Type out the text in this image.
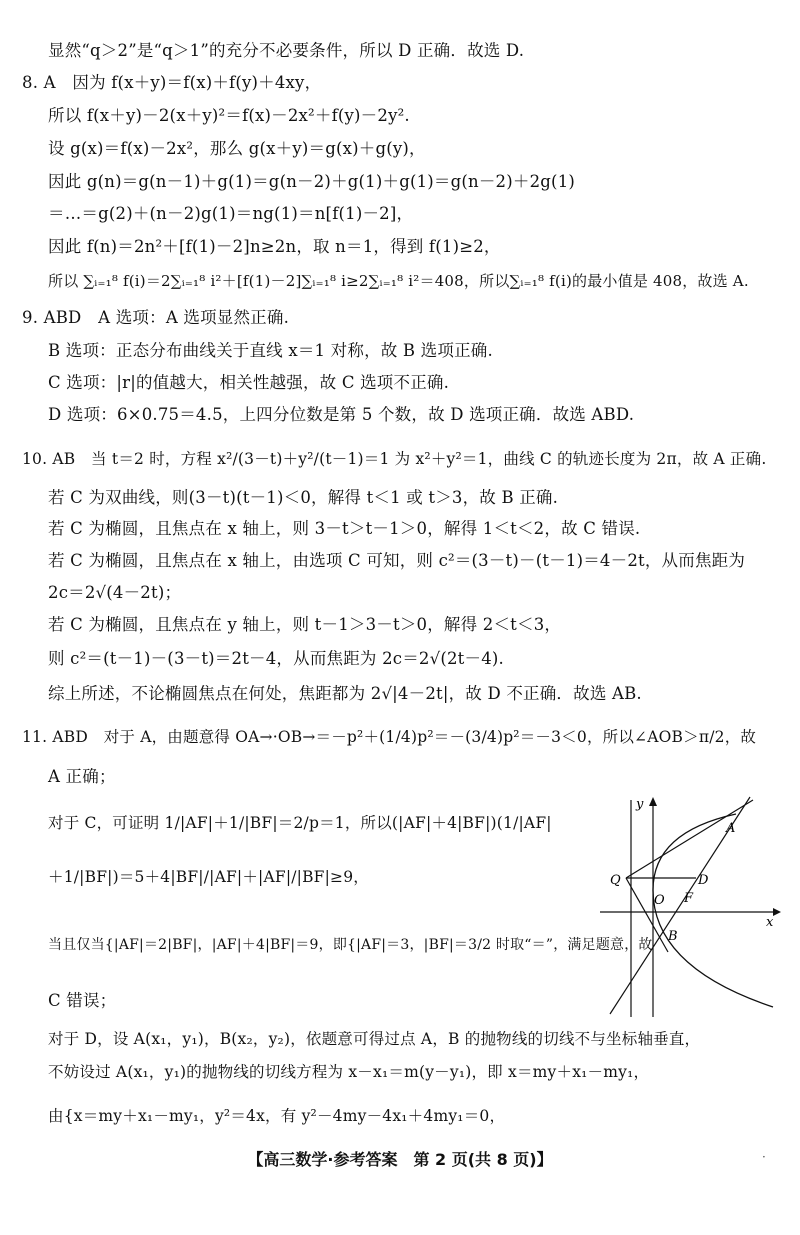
显然“q＞2”是“q＞1”的充分不必要条件，所以 D 正确．故选 D.
8. A　因为 f(x＋y)＝f(x)＋f(y)＋4xy，
所以 f(x＋y)－2(x＋y)²＝f(x)－2x²＋f(y)－2y².
设 g(x)＝f(x)－2x²，那么 g(x＋y)＝g(x)＋g(y)，
因此 g(n)＝g(n－1)＋g(1)＝g(n－2)＋g(1)＋g(1)＝g(n－2)＋2g(1)
＝…＝g(2)＋(n－2)g(1)＝ng(1)＝n[f(1)－2]，
因此 f(n)＝2n²＋[f(1)－2]n≥2n，取 n＝1，得到 f(1)≥2，
所以 ∑ᵢ₌₁⁸ f(i)＝2∑ᵢ₌₁⁸ i²＋[f(1)－2]∑ᵢ₌₁⁸ i≥2∑ᵢ₌₁⁸ i²＝408，所以∑ᵢ₌₁⁸ f(i)的最小值是 408，故选 A.
9. ABD　A 选项：A 选项显然正确.
B 选项：正态分布曲线关于直线 x＝1 对称，故 B 选项正确.
C 选项：|r|的值越大，相关性越强，故 C 选项不正确.
D 选项：6×0.75＝4.5，上四分位数是第 5 个数，故 D 选项正确．故选 ABD.
10. AB　当 t＝2 时，方程 x²/(3－t)＋y²/(t－1)＝1 为 x²＋y²＝1，曲线 C 的轨迹长度为 2π，故 A 正确.
若 C 为双曲线，则(3－t)(t－1)＜0，解得 t＜1 或 t＞3，故 B 正确.
若 C 为椭圆，且焦点在 x 轴上，则 3－t＞t－1＞0，解得 1＜t＜2，故 C 错误.
若 C 为椭圆，且焦点在 x 轴上，由选项 C 可知，则 c²＝(3－t)－(t－1)＝4－2t，从而焦距为
2c＝2√(4－2t)；
若 C 为椭圆，且焦点在 y 轴上，则 t－1＞3－t＞0，解得 2＜t＜3，
则 c²＝(t－1)－(3－t)＝2t－4，从而焦距为 2c＝2√(2t－4).
综上所述，不论椭圆焦点在何处，焦距都为 2√|4－2t|，故 D 不正确．故选 AB.
11. ABD　对于 A，由题意得 OA→·OB→＝－p²＋(1/4)p²＝－(3/4)p²＝－3＜0，所以∠AOB＞π/2，故
A 正确；
对于 C，可证明 1/|AF|＋1/|BF|＝2/p＝1，所以(|AF|＋4|BF|)(1/|AF|
＋1/|BF|)＝5＋4|BF|/|AF|＋|AF|/|BF|≥9，
当且仅当{|AF|＝2|BF|，|AF|＋4|BF|＝9，即{|AF|＝3，|BF|＝3/2 时取“＝”，满足题意，故
C 错误；
对于 D，设 A(x₁，y₁)，B(x₂，y₂)，依题意可得过点 A，B 的抛物线的切线不与坐标轴垂直，
不妨设过 A(x₁，y₁)的抛物线的切线方程为 x－x₁＝m(y－y₁)，即 x＝my＋x₁－my₁，
由{x＝my＋x₁－my₁，y²＝4x，有 y²－4my－4x₁＋4my₁＝0，
y
x
A
Q	D
O F
B
【高三数学·参考答案　第 2 页(共 8 页)】	·
